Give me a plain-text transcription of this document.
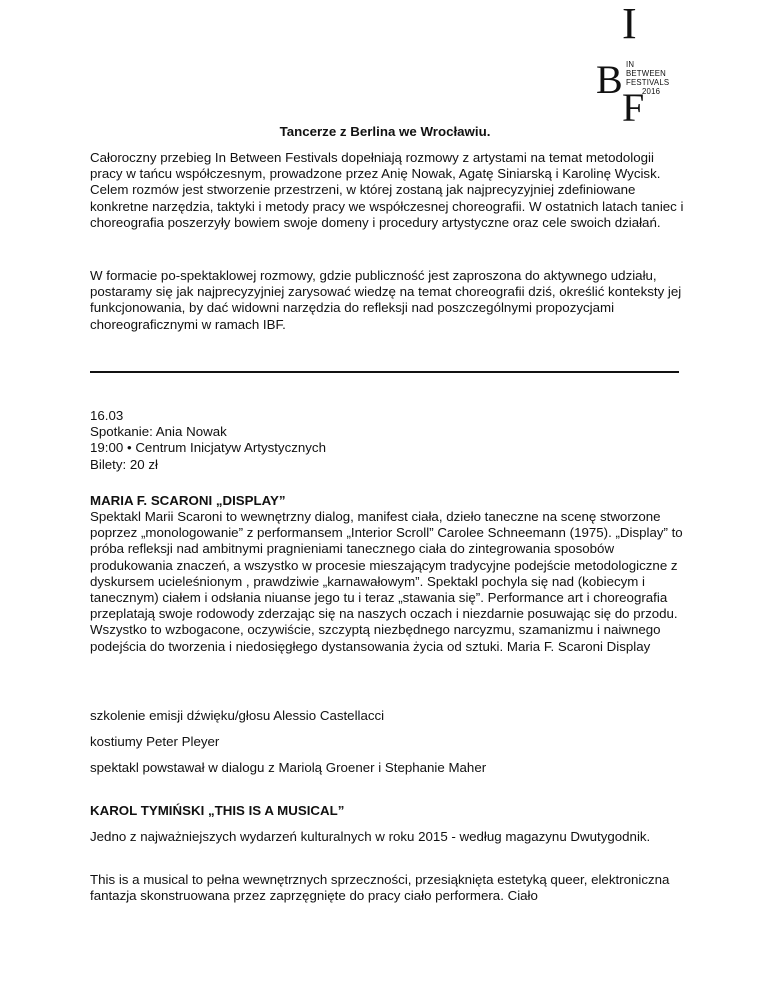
I
B
F
IN
BETWEEN
FESTIVALS
2016
Tancerze z Berlina we Wrocławiu.

Całoroczny przebieg In Between Festivals dopełniają rozmowy z artystami na temat metodologii pracy w tańcu współczesnym, prowadzone przez Anię Nowak, Agatę Siniarską i Karolinę Wycisk. Celem rozmów jest stworzenie przestrzeni, w której zostaną jak najprecyzyjniej zdefiniowane konkretne narzędzia, taktyki i metody pracy we współczesnej choreografii. W ostatnich latach taniec i choreografia poszerzyły bowiem swoje domeny i procedury artystyczne oraz cele swoich działań.

W formacie po-spektaklowej rozmowy, gdzie publiczność jest zaproszona do aktywnego udziału, postaramy się jak najprecyzyjniej zarysować wiedzę na temat choreografii dziś, określić konteksty jej funkcjonowania, by dać widowni narzędzia do refleksji nad poszczególnymi propozycjami choreograficznymi w ramach IBF.

16.03
Spotkanie: Ania Nowak
19:00 • Centrum Inicjatyw Artystycznych
Bilety: 20 zł
MARIA F. SCARONI „DISPLAY”

Spektakl Marii Scaroni to wewnętrzny dialog, manifest ciała, dzieło taneczne na scenę stworzone poprzez „monologowanie” z performansem „Interior Scroll” Carolee Schneemann (1975). „Display” to próba refleksji nad ambitnymi pragnieniami tanecznego ciała do zintegrowania sposobów produkowania znaczeń, a wszystko w procesie mieszającym tradycyjne podejście metodologiczne z dyskursem ucieleśnionym , prawdziwie „karnawałowym”. Spektakl pochyla się nad (kobiecym i tanecznym) ciałem i odsłania niuanse jego tu i teraz „stawania się”. Performance art i choreografia przeplatają swoje rodowody zderzając się na naszych oczach i niezdarnie posuwając się do przodu. Wszystko to wzbogacone, oczywiście, szczyptą niezbędnego narcyzmu, szamanizmu i naiwnego podejścia do tworzenia i niedosięgłego dystansowania życia od sztuki. Maria F. Scaroni Display

szkolenie emisji dźwięku/głosu Alessio Castellacci

kostiumy Peter Pleyer

spektakl powstawał w dialogu z Mariolą Groener i Stephanie Maher

KAROL TYMIŃSKI „THIS IS A MUSICAL”

Jedno z najważniejszych wydarzeń kulturalnych w roku 2015 - według magazynu Dwutygodnik.

This is a musical to pełna wewnętrznych sprzeczności, przesiąknięta estetyką queer, elektroniczna fantazja skonstruowana przez zaprzęgnięte do pracy ciało performera. Ciało
